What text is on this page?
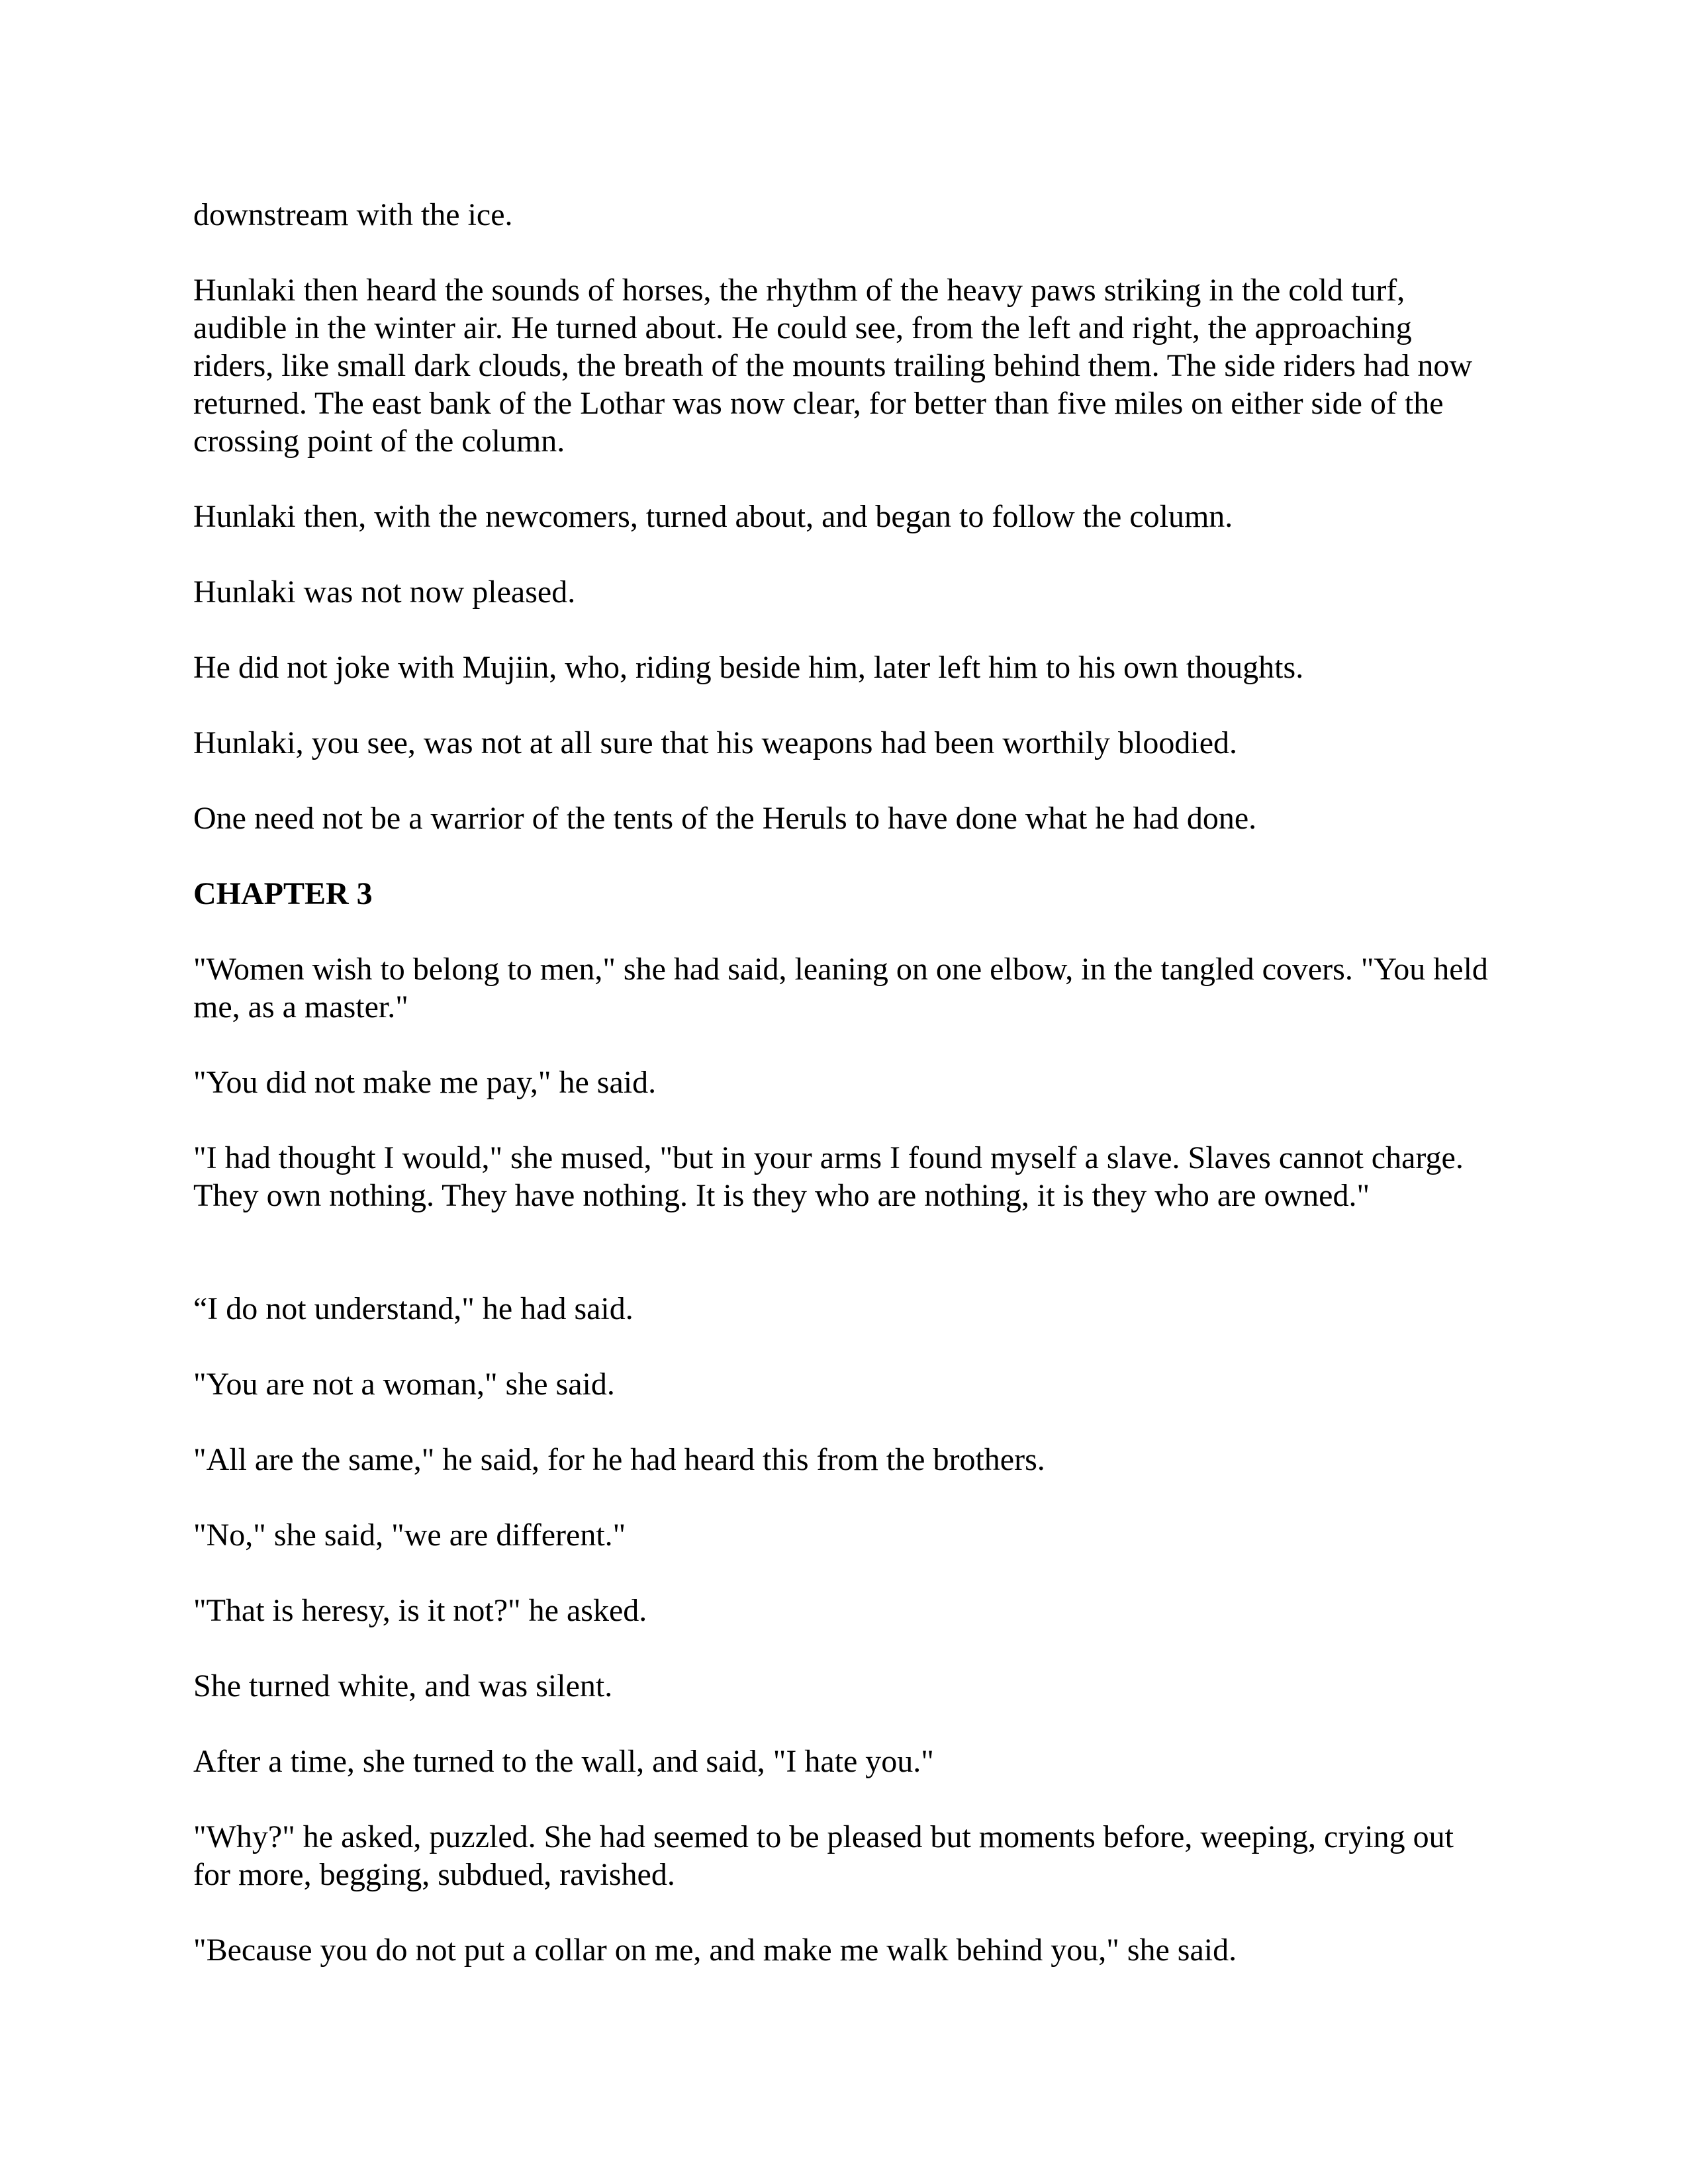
downstream with the ice.

Hunlaki then heard the sounds of horses, the rhythm of the heavy paws striking in the cold turf, audible in the winter air. He turned about. He could see, from the left and right, the approaching riders, like small dark clouds, the breath of the mounts trailing behind them. The side riders had now returned. The east bank of the Lothar was now clear, for better than five miles on either side of the crossing point of the column.

Hunlaki then, with the newcomers, turned about, and began to follow the column.

Hunlaki was not now pleased.

He did not joke with Mujiin, who, riding beside him, later left him to his own thoughts.

Hunlaki, you see, was not at all sure that his weapons had been worthily bloodied.

One need not be a warrior of the tents of the Heruls to have done what he had done.

CHAPTER 3

"Women wish to belong to men," she had said, leaning on one elbow, in the tangled covers. "You held me, as a master."

"You did not make me pay," he said.

"I had thought I would," she mused, "but in your arms I found myself a slave. Slaves cannot charge. They own nothing. They have nothing. It is they who are nothing, it is they who are owned."

“I do not understand," he had said.

"You are not a woman," she said.

"All are the same," he said, for he had heard this from the brothers.

"No," she said, "we are different."

"That is heresy, is it not?" he asked.

She turned white, and was silent.

After a time, she turned to the wall, and said, "I hate you."

"Why?" he asked, puzzled. She had seemed to be pleased but moments before, weeping, crying out for more, begging, subdued, ravished.

"Because you do not put a collar on me, and make me walk behind you," she said.
